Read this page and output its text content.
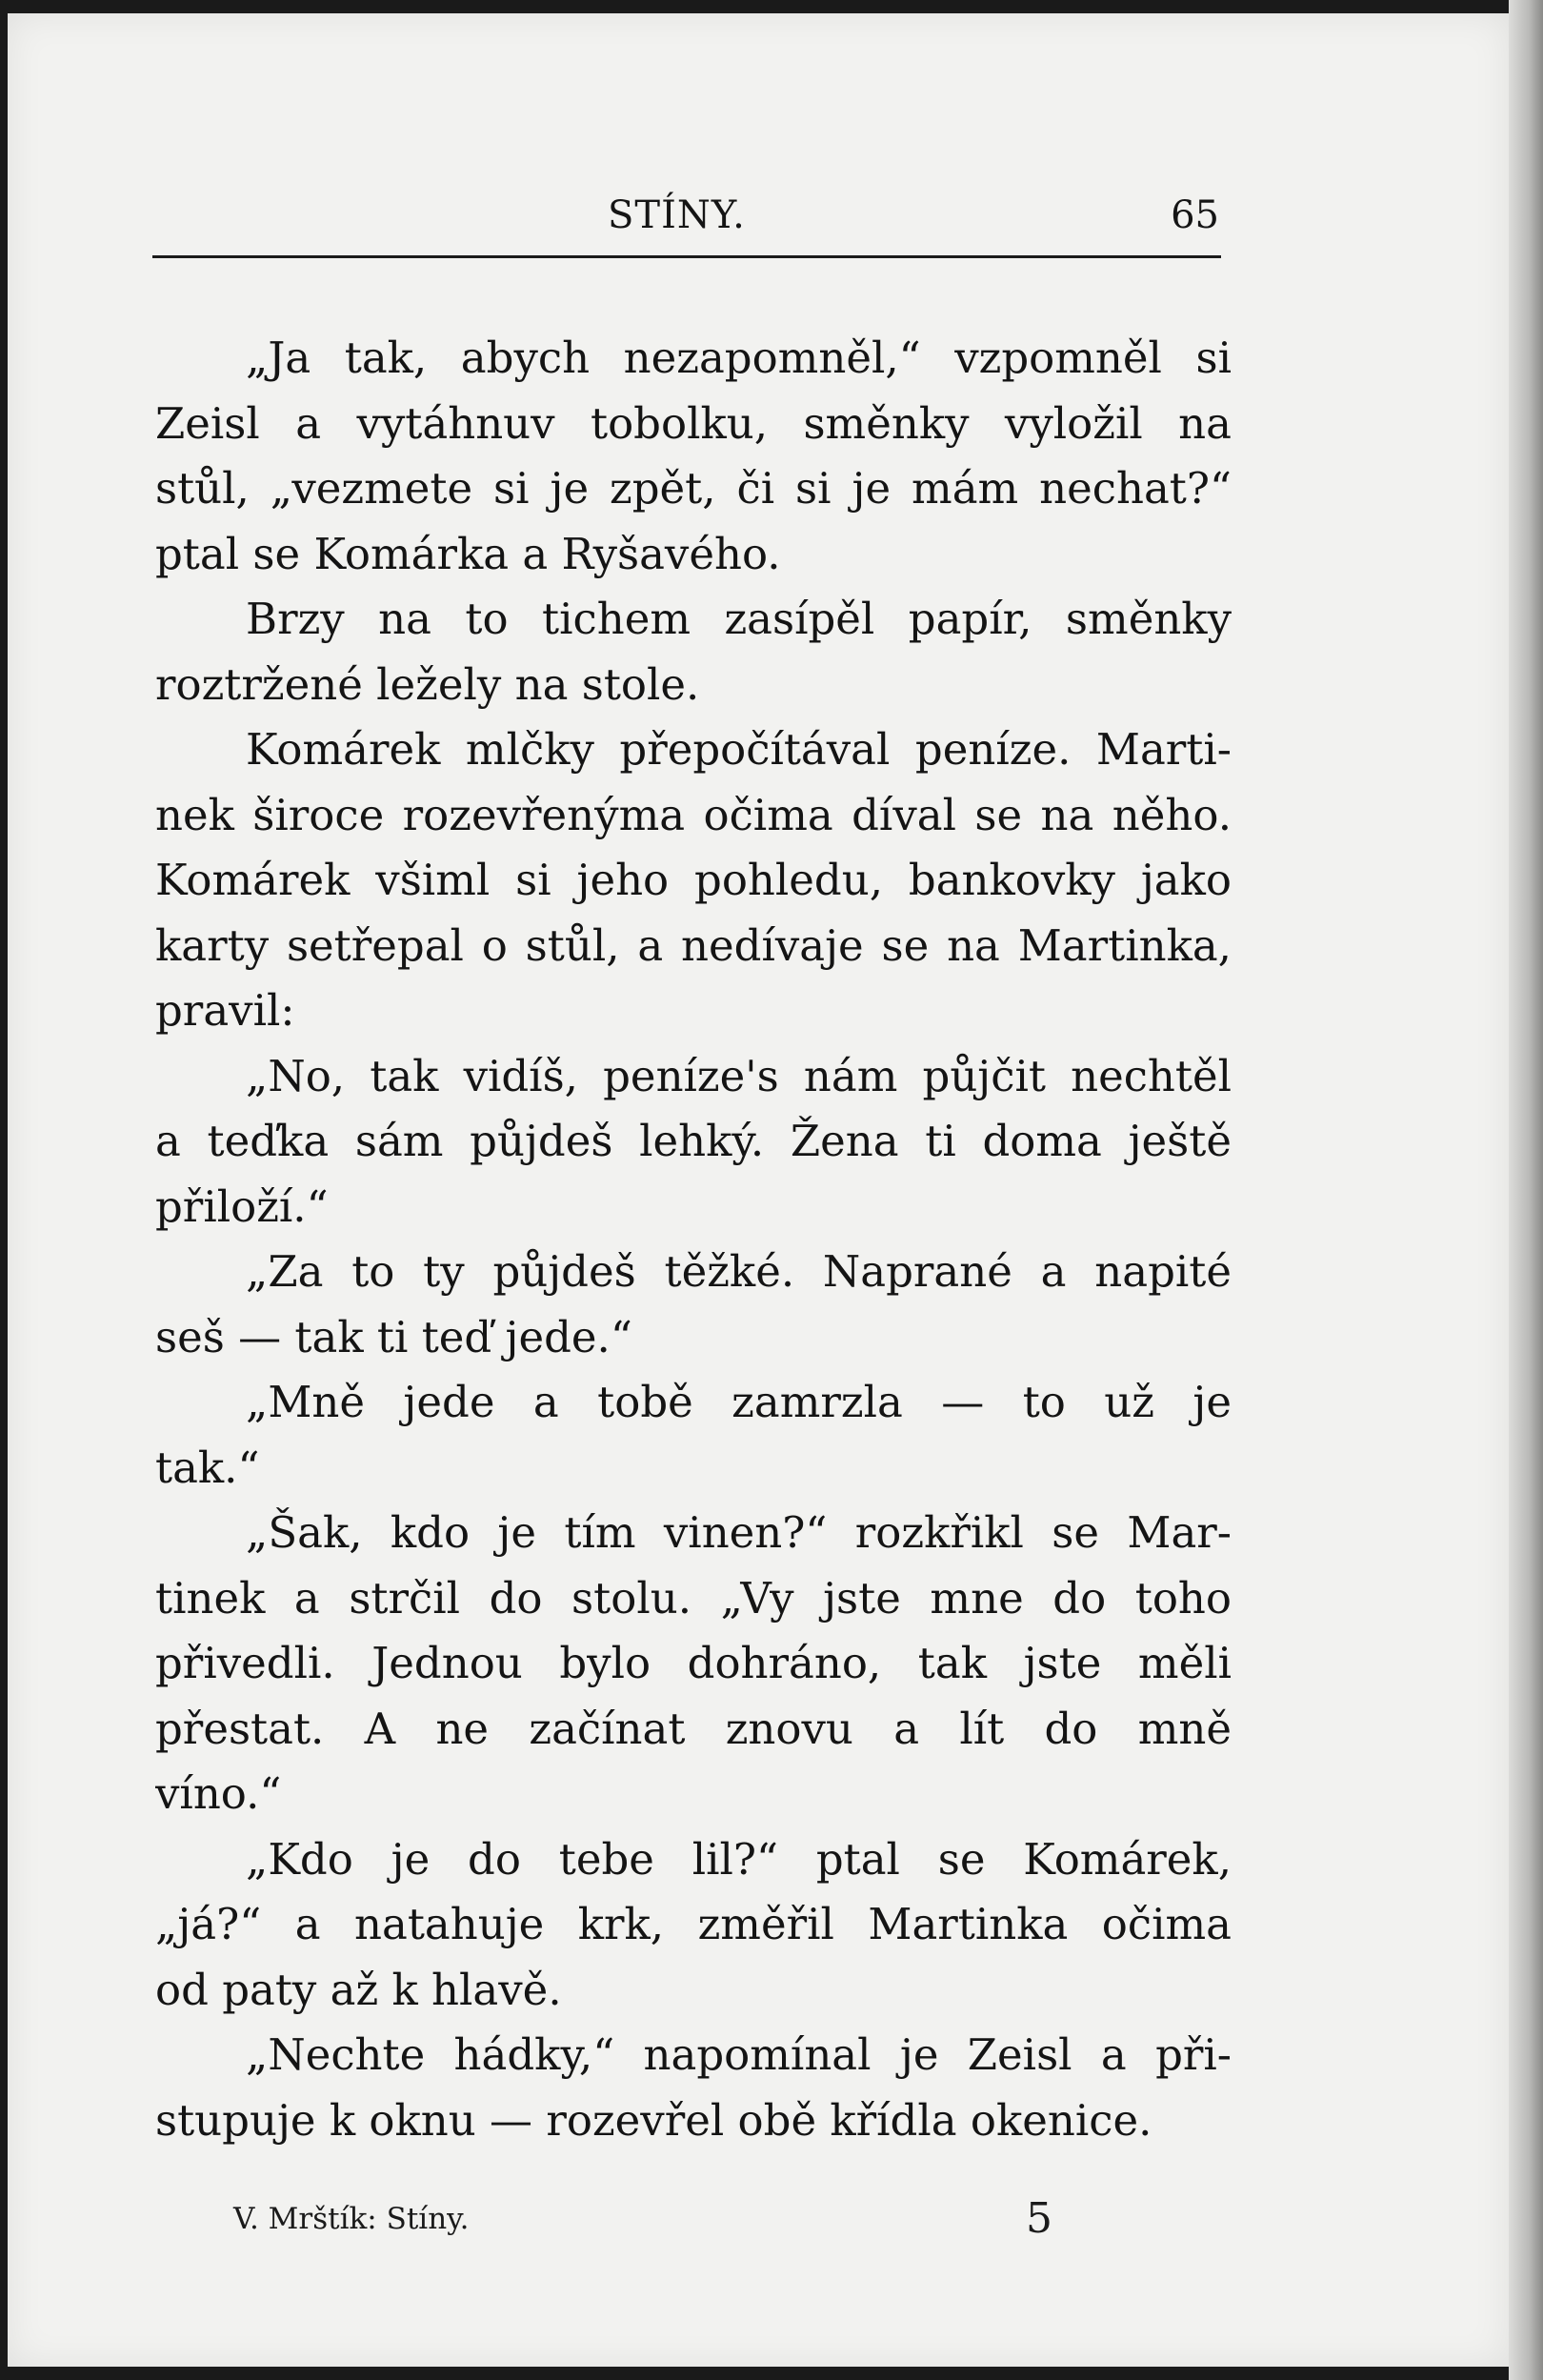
STÍNY.	65
„Ja tak, abych nezapomněl,“ vzpomněl si
Zeisl a vytáhnuv tobolku, směnky vyložil na
stůl, „vezmete si je zpět, či si je mám nechat?“
ptal se Komárka a Ryšavého.
Brzy na to tichem zasípěl papír, směnky
roztržené ležely na stole.
Komárek mlčky přepočítával peníze. Marti-
nek široce rozevřenýma očima díval se na něho.
Komárek všiml si jeho pohledu, bankovky jako
karty setřepal o stůl, a nedívaje se na Martinka,
pravil:
„No, tak vidíš, peníze's nám půjčit nechtěl
a teďka sám půjdeš lehký. Žena ti doma ještě
přiloží.“
„Za to ty půjdeš těžké. Naprané a napité
seš — tak ti teď jede.“
„Mně jede a tobě zamrzla — to už je
tak.“
„Šak, kdo je tím vinen?“ rozkřikl se Mar-
tinek a strčil do stolu. „Vy jste mne do toho
přivedli. Jednou bylo dohráno, tak jste měli
přestat. A ne začínat znovu a lít do mně
víno.“
„Kdo je do tebe lil?“ ptal se Komárek,
„já?“ a natahuje krk, změřil Martinka očima
od paty až k hlavě.
„Nechte hádky,“ napomínal je Zeisl a při-
stupuje k oknu — rozevřel obě křídla okenice.
V. Mrštík: Stíny.	5
